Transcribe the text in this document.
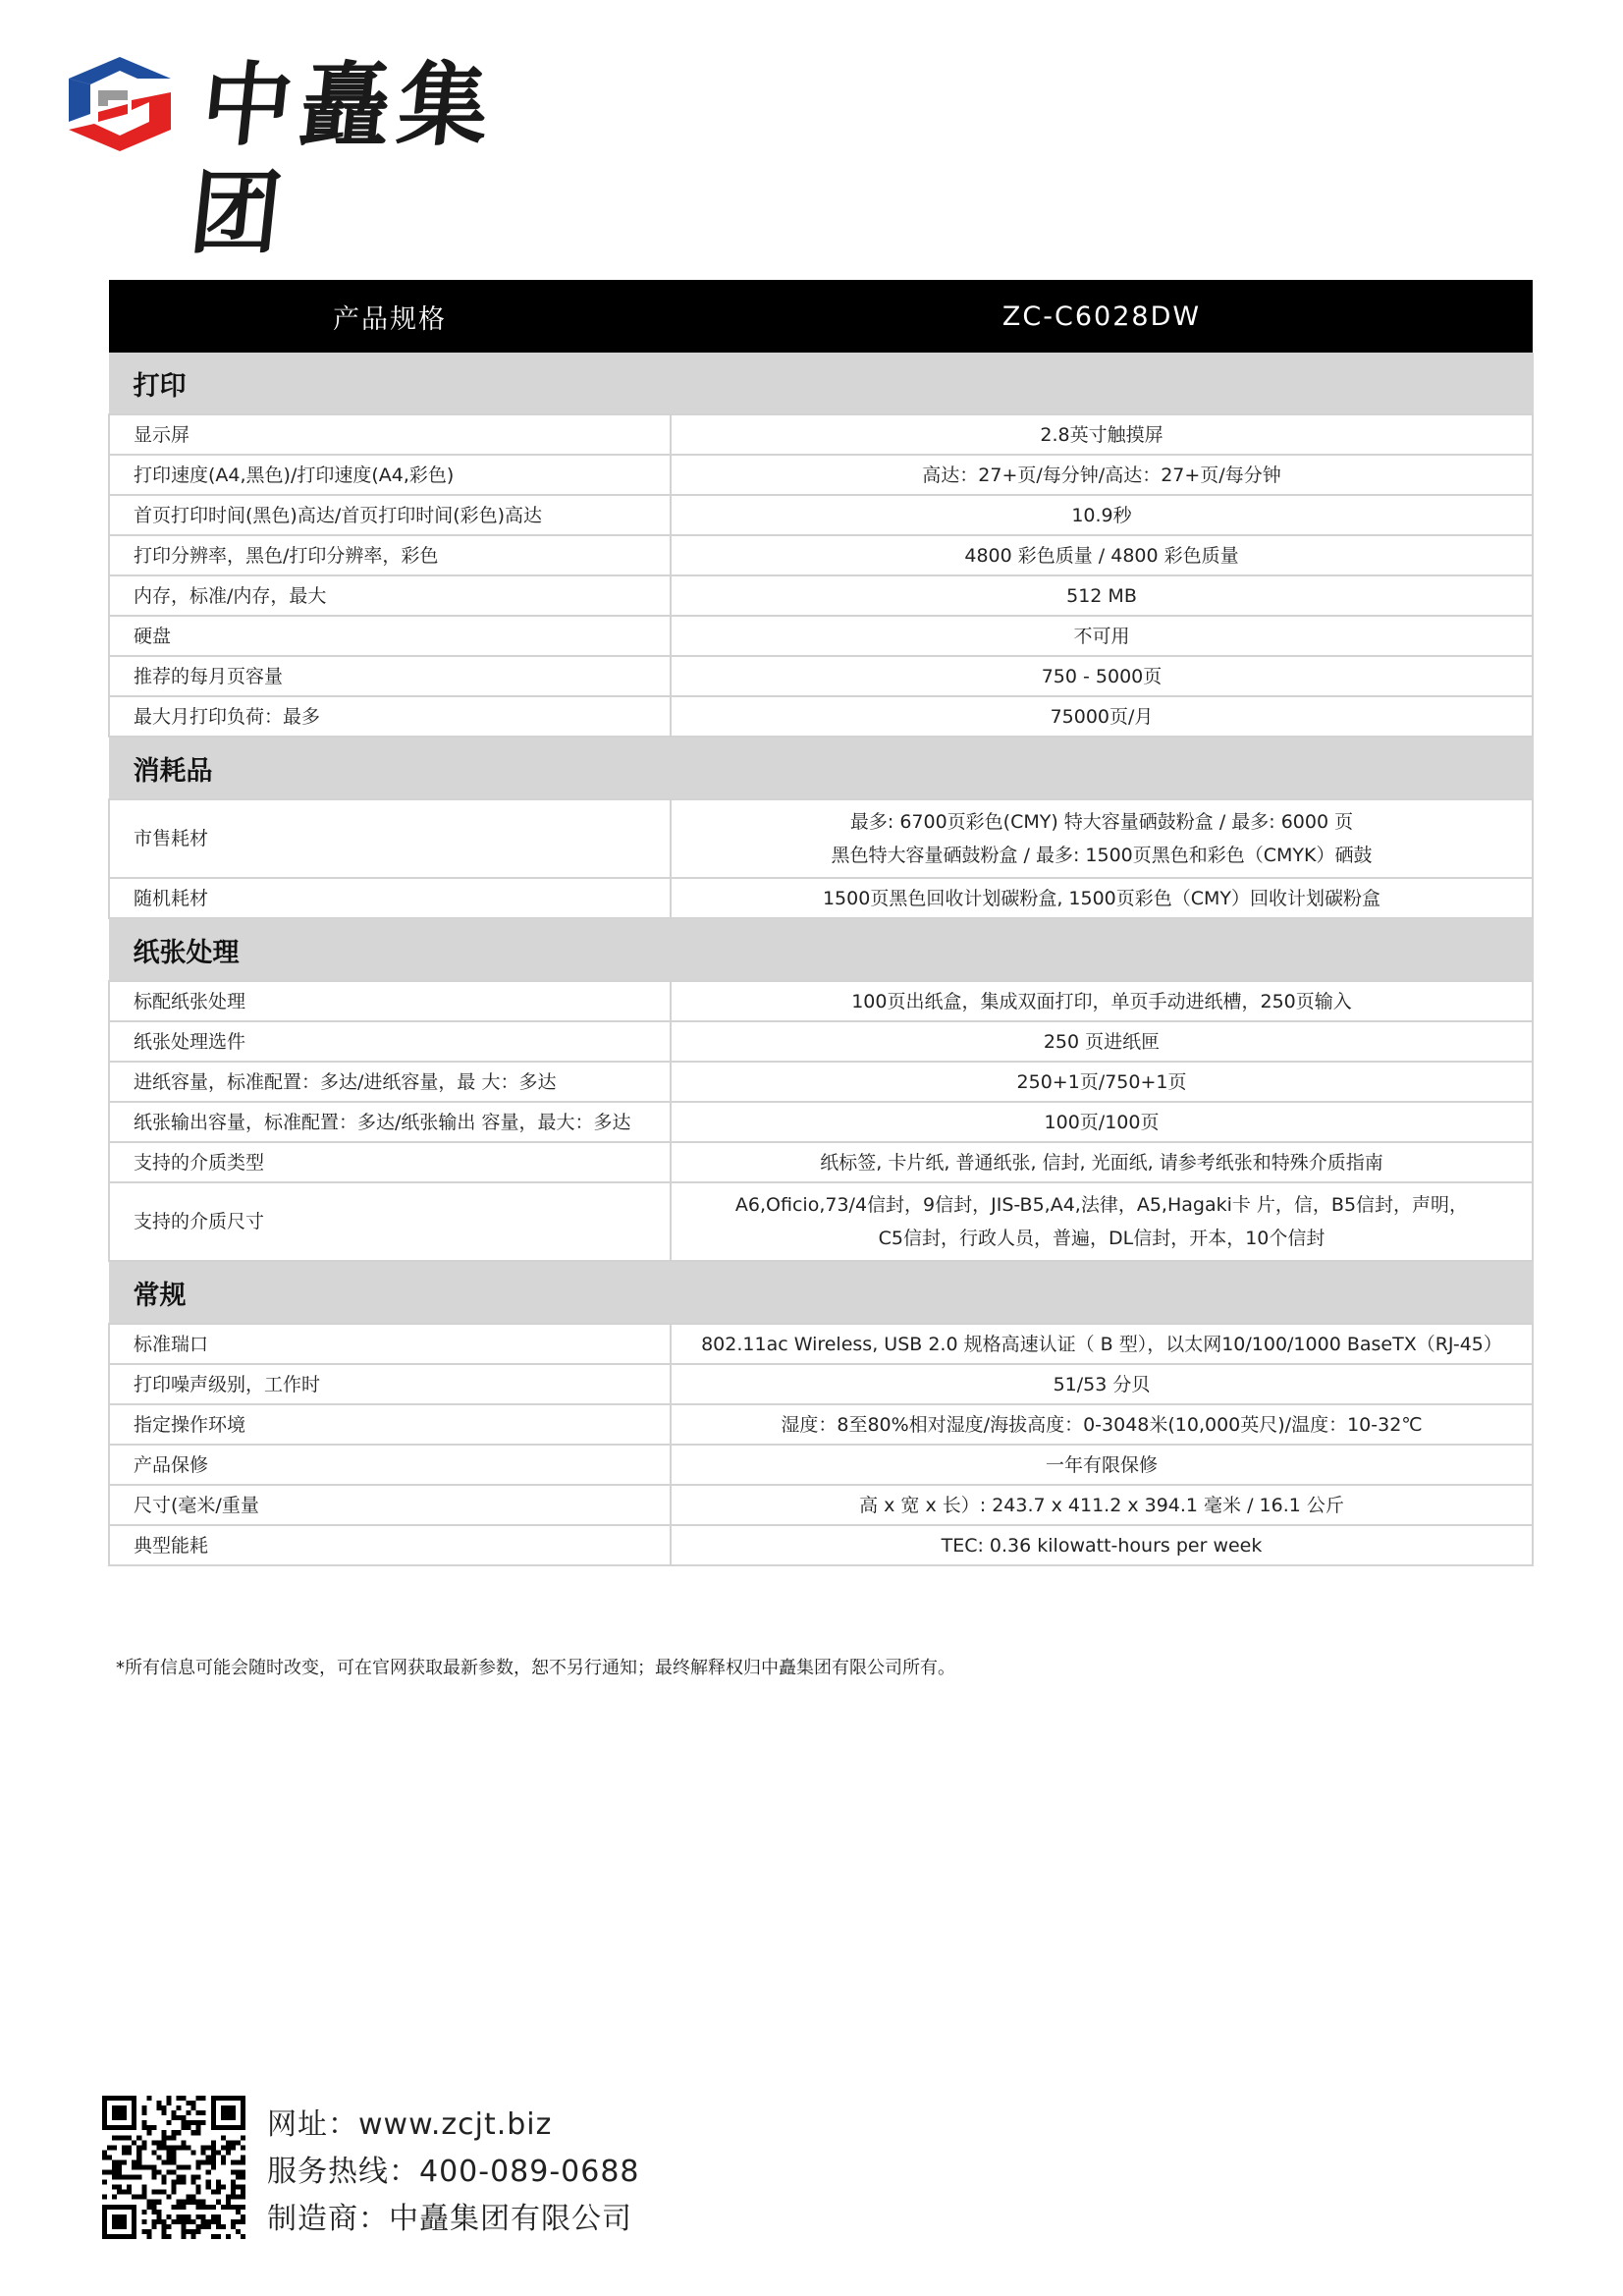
中矗集团
产品规格	ZC-C6028DW
打印	
显示屏	2.8英寸触摸屏

打印速度(A4,黑色)/打印速度(A4,彩色)	高达：27+页/每分钟/高达：27+页/每分钟

首页打印时间(黑色)高达/首页打印时间(彩色)高达	10.9秒

打印分辨率，黑色/打印分辨率，彩色	4800 彩色质量 / 4800 彩色质量

内存，标准/内存，最大	512 MB

硬盘	不可用

推荐的每月页容量	750 - 5000页

最大月打印负荷：最多	75000页/月

消耗品	
市售耗材	最多: 6700页彩色(CMY) 特大容量硒鼓粉盒 / 最多: 6000 页
黑色特大容量硒鼓粉盒 / 最多: 1500页黑色和彩色（CMYK）硒鼓

随机耗材	1500页黑色回收计划碳粉盒, 1500页彩色（CMY）回收计划碳粉盒

纸张处理	
标配纸张处理	100页出纸盒，集成双面打印，单页手动进纸槽，250页输入

纸张处理选件	250 页进纸匣

进纸容量，标准配置：多达/进纸容量，最 大：多达	250+1页/750+1页

纸张输出容量，标准配置：多达/纸张输出 容量，最大：多达	100页/100页

支持的介质类型	纸标签, 卡片纸, 普通纸张, 信封, 光面纸, 请参考纸张和特殊介质指南

支持的介质尺寸	A6,Oficio,73/4信封，9信封，JIS-B5,A4,法律，A5,Hagaki卡 片，信，B5信封，声明，
C5信封，行政人员，普遍，DL信封，开本，10个信封

常规	
标准瑞口	802.11ac Wireless, USB 2.0 规格高速认证（ B 型），以太网10/100/1000 BaseTX（RJ-45）

打印噪声级别，工作时	51/53 分贝

指定操作环境	湿度：8至80%相对湿度/海拔高度：0-3048米(10,000英尺)/温度：10-32℃

产品保修	一年有限保修

尺寸(毫米/重量	高 x 宽 x 长）: 243.7 x 411.2 x 394.1 毫米 / 16.1 公斤

典型能耗	TEC: 0.36 kilowatt-hours per week
*所有信息可能会随时改变，可在官网获取最新参数，恕不另行通知；最终解释权归中矗集团有限公司所有。
网址：www.zcjt.biz
服务热线：400-089-0688
制造商：中矗集团有限公司
